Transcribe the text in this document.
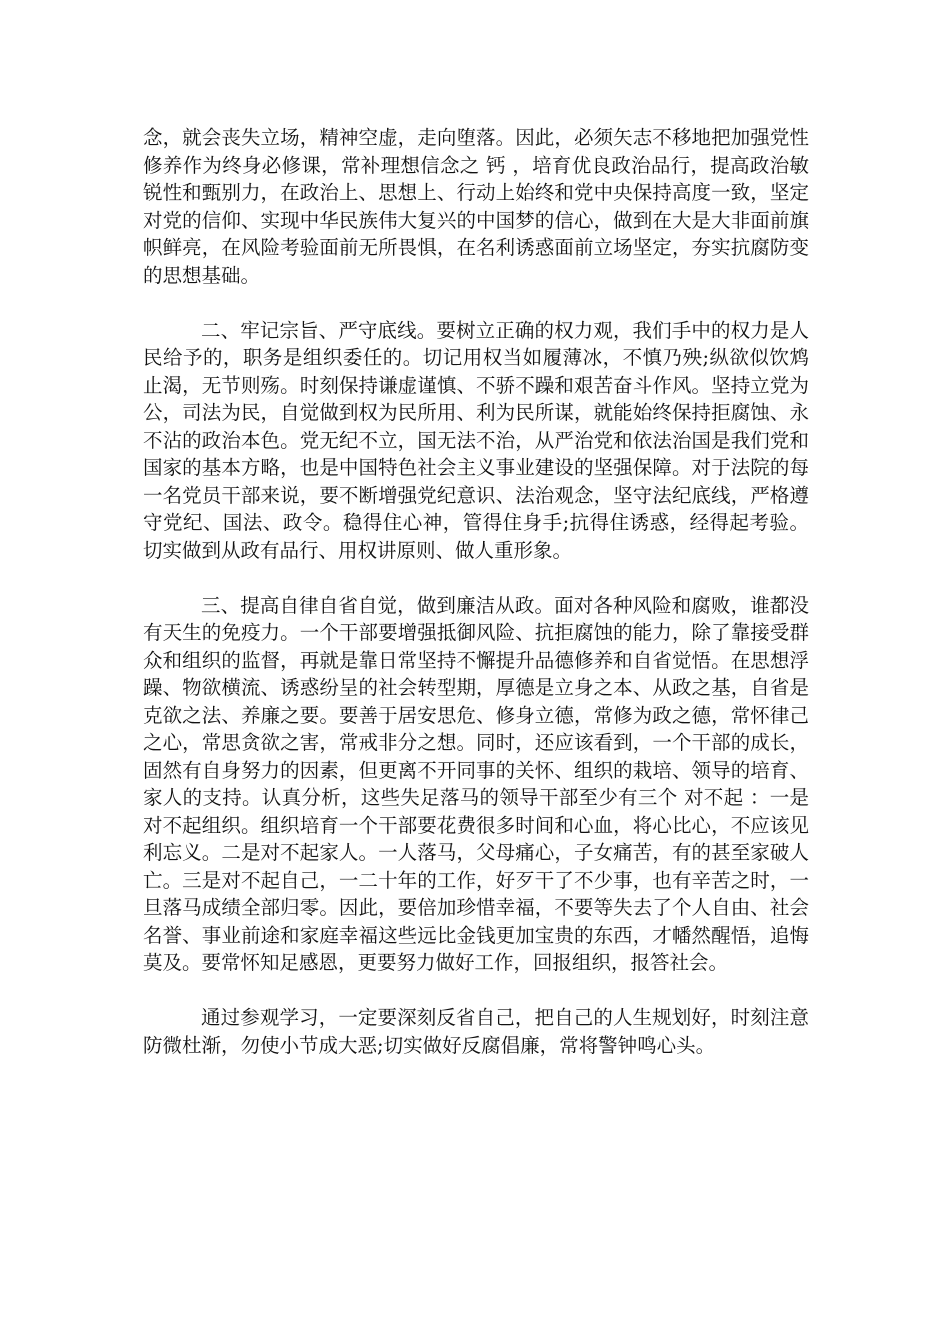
念，就会丧失立场，精神空虚，走向堕落。因此，必须矢志不移地把加强党性修养作为终身必修课，常补理想信念之 钙 ，培育优良政治品行，提高政治敏锐性和甄别力，在政治上、思想上、行动上始终和党中央保持高度一致，坚定对党的信仰、实现中华民族伟大复兴的中国梦的信心，做到在大是大非面前旗帜鲜亮，在风险考验面前无所畏惧，在名利诱惑面前立场坚定，夯实抗腐防变的思想基础。

二、牢记宗旨、严守底线。要树立正确的权力观，我们手中的权力是人民给予的，职务是组织委任的。切记用权当如履薄冰，不慎乃殃;纵欲似饮鸩止渴，无节则殇。时刻保持谦虚谨慎、不骄不躁和艰苦奋斗作风。坚持立党为公，司法为民，自觉做到权为民所用、利为民所谋，就能始终保持拒腐蚀、永不沾的政治本色。党无纪不立，国无法不治，从严治党和依法治国是我们党和国家的基本方略，也是中国特色社会主义事业建设的坚强保障。对于法院的每一名党员干部来说，要不断增强党纪意识、法治观念，坚守法纪底线，严格遵守党纪、国法、政令。稳得住心神，管得住身手;抗得住诱惑，经得起考验。切实做到从政有品行、用权讲原则、做人重形象。

三、提高自律自省自觉，做到廉洁从政。面对各种风险和腐败，谁都没有天生的免疫力。一个干部要增强抵御风险、抗拒腐蚀的能力，除了靠接受群众和组织的监督，再就是靠日常坚持不懈提升品德修养和自省觉悟。在思想浮躁、物欲横流、诱惑纷呈的社会转型期，厚德是立身之本、从政之基，自省是克欲之法、养廉之要。要善于居安思危、修身立德，常修为政之德，常怀律己之心，常思贪欲之害，常戒非分之想。同时，还应该看到，一个干部的成长，固然有自身努力的因素，但更离不开同事的关怀、组织的栽培、领导的培育、家人的支持。认真分析，这些失足落马的领导干部至少有三个 对不起 ：一是对不起组织。组织培育一个干部要花费很多时间和心血，将心比心，不应该见利忘义。二是对不起家人。一人落马，父母痛心，子女痛苦，有的甚至家破人亡。三是对不起自己，一二十年的工作，好歹干了不少事，也有辛苦之时，一旦落马成绩全部归零。因此，要倍加珍惜幸福，不要等失去了个人自由、社会名誉、事业前途和家庭幸福这些远比金钱更加宝贵的东西，才幡然醒悟，追悔莫及。要常怀知足感恩，更要努力做好工作，回报组织，报答社会。

通过参观学习，一定要深刻反省自己，把自己的人生规划好，时刻注意防微杜渐，勿使小节成大恶;切实做好反腐倡廉，常将警钟鸣心头。
